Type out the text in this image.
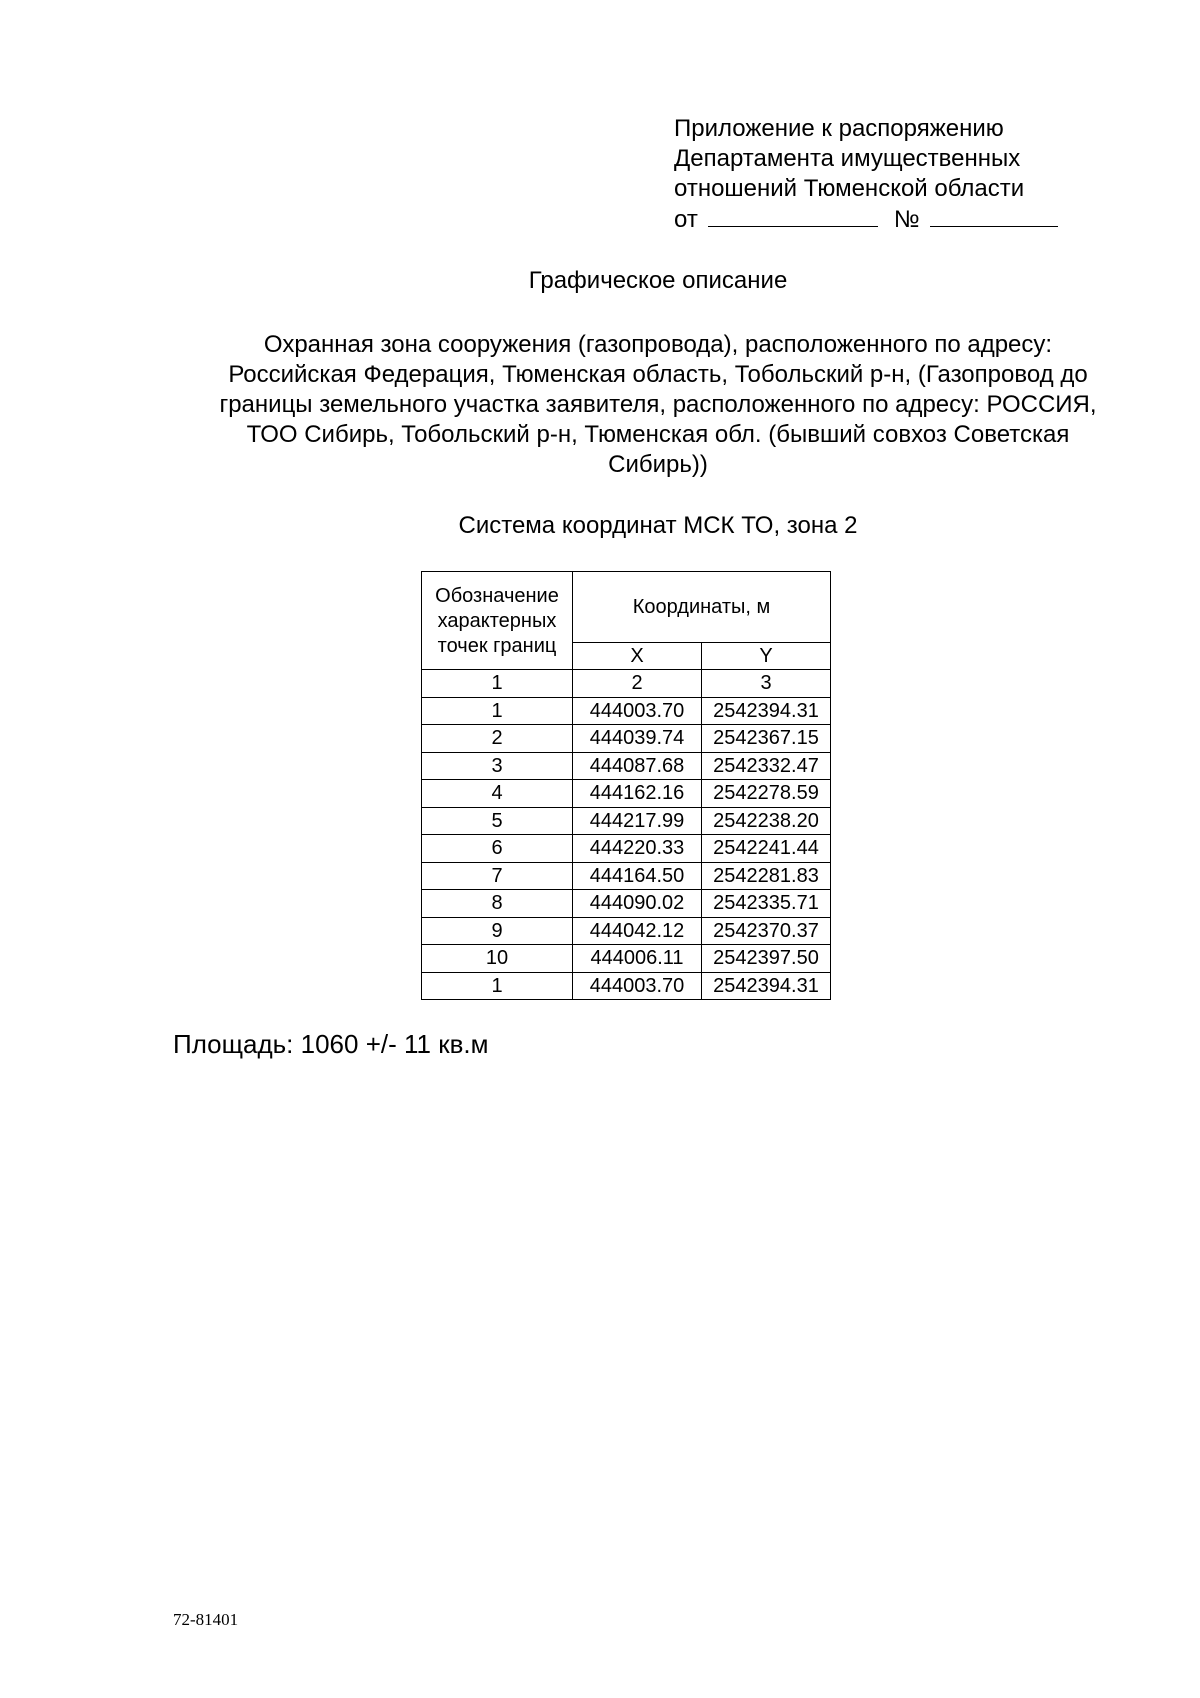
Приложение к распоряжению
Департамента имущественных
отношений Тюменской области
от	№
Графическое описание
Охранная зона сооружения (газопровода), расположенного по адресу:
Российская Федерация, Тюменская область, Тобольский р-н, (Газопровод до
границы земельного участка заявителя, расположенного по адресу: РОССИЯ,
ТОО Сибирь, Тобольский р-н, Тюменская обл. (бывший совхоз Советская
Сибирь))
Система координат МСК ТО, зона 2
Обозначение
характерных
точек границ	Координаты, м	
	X	Y
1	2	3
1	444003.70	2542394.31
2	444039.74	2542367.15
3	444087.68	2542332.47
4	444162.16	2542278.59
5	444217.99	2542238.20
6	444220.33	2542241.44
7	444164.50	2542281.83
8	444090.02	2542335.71
9	444042.12	2542370.37
10	444006.11	2542397.50
1	444003.70	2542394.31
Площадь: 1060 +/- 11 кв.м
72-81401
